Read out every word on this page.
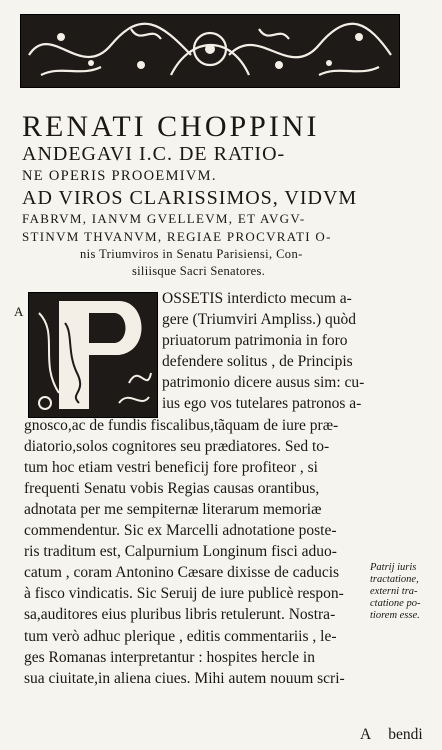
RENATI CHOPPINI
ANDEGAVI I.C. DE RATIO-
NE OPERIS PROOEMIVM.
AD VIROS CLARISSIMOS, VIDVM
FABRVM, IANVM GVELLEVM, ET AVGV-
STINVM THVANVM, REGIAE PROCVRATI O-
nis Triumviros in Senatu Parisiensi, Con-
siliisque Sacri Senatores.
A
OSSETIS interdicto mecum a-
gere (Triumviri Ampliss.) quòd
priuatorum patrimonia in foro
defendere solitus , de Principis
patrimonio dicere ausus sim: cu-
ius ego vos tutelares patronos a-
gnosco,ac de fundis fiscalibus,tãquam de iure præ-
diatorio,solos cognitores seu prædiatores. Sed to-
tum hoc etiam vestri beneficij fore profiteor , si
frequenti Senatu vobis Regias causas orantibus,
adnotata per me sempiternæ literarum memoriæ
commendentur. Sic ex Marcelli adnotatione poste-
ris traditum est, Calpurnium Longinum fisci aduo-
catum , coram Antonino Cæsare dixisse de caducis
à fisco vindicatis. Sic Seruij de iure publicè respon-
sa,auditores eius pluribus libris retulerunt. Nostra-
tum verò adhuc plerique , editis commentariis , le-
ges Romanas interpretantur : hospites hercle in
sua ciuitate,in aliena ciues. Mihi autem nouum scri-
Patrij iuris
tractatione,
externi tra-
ctatione po-
tiorem esse.
A bendi
